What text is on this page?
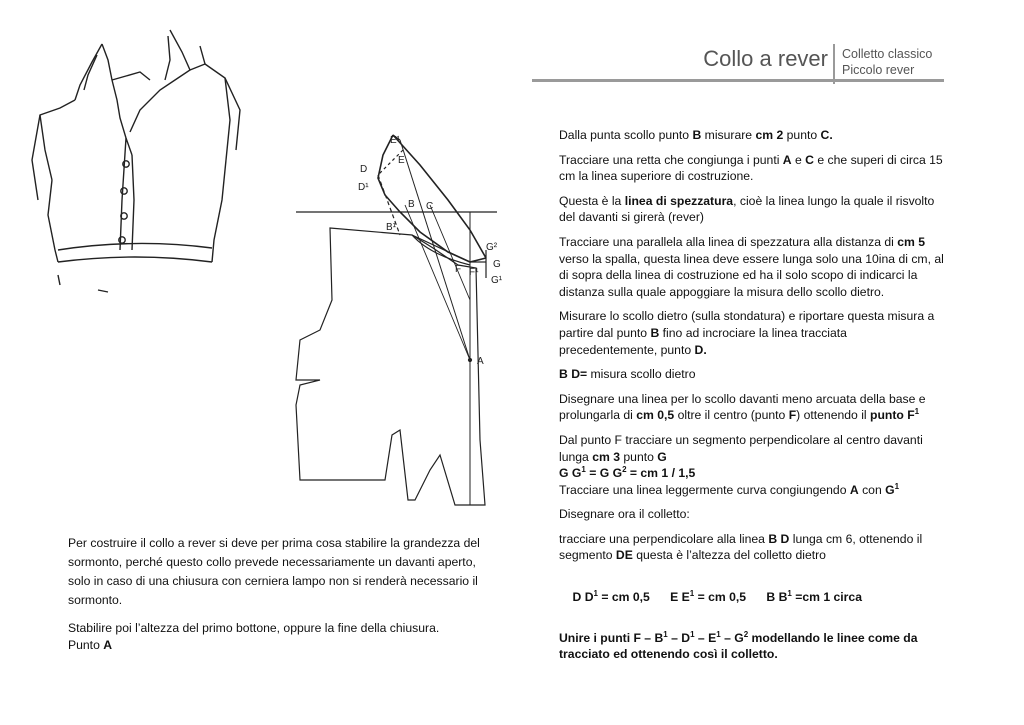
Collo a rever Colletto classico
Piccolo rever
E¹
E
D
D¹
B C
B¹
G²
G
F F¹
G¹
A

Dalla punta scollo punto B misurare cm 2 punto C.

Tracciare una retta che congiunga i punti A e C e che superi di circa 15 cm la linea superiore di costruzione.

Questa è la linea di spezzatura, cioè la linea lungo la quale il risvolto del davanti si girerà (rever)

Tracciare una parallela alla linea di spezzatura alla distanza di cm 5 verso la spalla, questa linea deve essere lunga solo una 10ina di cm, al di sopra della linea di costruzione ed ha il solo scopo di indicarci la distanza sulla quale appoggiare la misura dello scollo dietro.

Misurare lo scollo dietro (sulla stondatura) e riportare questa misura a partire dal punto B fino ad incrociare la linea tracciata precedentemente, punto D.

B D= misura scollo dietro

Disegnare una linea per lo scollo davanti meno arcuata della base e prolungarla di cm 0,5 oltre il centro (punto F) ottenendo il punto $F^1$

Dal punto F tracciare un segmento perpendicolare al centro davanti
lunga cm 3 punto G
G $G^1 = G$ $G^2$ = cm 1 / 1,5
Tracciare una linea leggermente curva congiungendo A con $G^1$

Disegnare ora il colletto:

tracciare una perpendicolare alla linea B D lunga cm 6, ottenendo il segmento DE questa è l’altezza del colletto dietro

D $D^1$ = cm 0,5      E $E^1$ = cm 0,5      B $B^1 =cm$ 1 circa

Unire i punti F – $B^1 - D^1 - E^1 - G^2$ modellando le linee come da tracciato ed ottenendo così il colletto.

Per costruire il collo a rever si deve per prima cosa stabilire la grandezza del sormonto, perché questo collo prevede necessariamente un davanti aperto, solo in caso di una chiusura con cerniera lampo non si renderà necessario il sormonto.

Stabilire poi l’altezza del primo bottone, oppure la fine della chiusura.
Punto A
